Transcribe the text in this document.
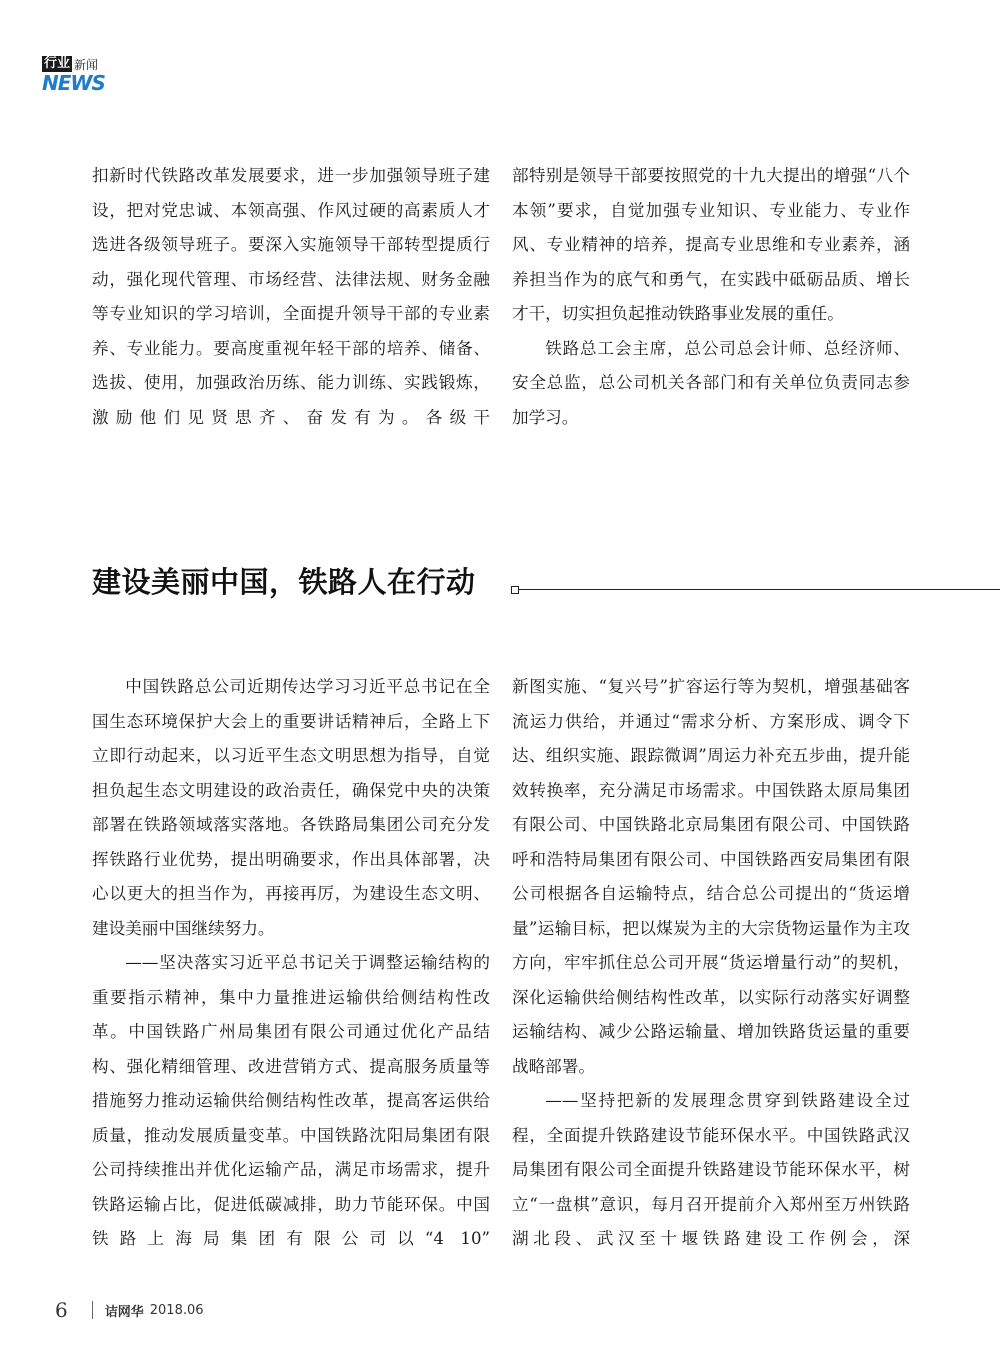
行业 新闻
NEWS

扣新时代铁路改革发展要求，进一步加强领导班子建设，把对党忠诚、本领高强、作风过硬的高素质人才选进各级领导班子。要深入实施领导干部转型提质行动，强化现代管理、市场经营、法律法规、财务金融等专业知识的学习培训，全面提升领导干部的专业素养、专业能力。要高度重视年轻干部的培养、储备、选拔、使用，加强政治历练、能力训练、实践锻炼，激励他们见贤思齐、奋发有为。各级干

部特别是领导干部要按照党的十九大提出的增强“八个本领”要求，自觉加强专业知识、专业能力、专业作风、专业精神的培养，提高专业思维和专业素养，涵养担当作为的底气和勇气，在实践中砥砺品质、增长才干，切实担负起推动铁路事业发展的重任。

铁路总工会主席，总公司总会计师、总经济师、安全总监，总公司机关各部门和有关单位负责同志参加学习。

建设美丽中国，铁路人在行动

中国铁路总公司近期传达学习习近平总书记在全国生态环境保护大会上的重要讲话精神后，全路上下立即行动起来，以习近平生态文明思想为指导，自觉担负起生态文明建设的政治责任，确保党中央的决策部署在铁路领域落实落地。各铁路局集团公司充分发挥铁路行业优势，提出明确要求，作出具体部署，决心以更大的担当作为，再接再厉，为建设生态文明、建设美丽中国继续努力。

——坚决落实习近平总书记关于调整运输结构的重要指示精神，集中力量推进运输供给侧结构性改革。中国铁路广州局集团有限公司通过优化产品结构、强化精细管理、改进营销方式、提高服务质量等措施努力推动运输供给侧结构性改革，提高客运供给质量，推动发展质量变革。中国铁路沈阳局集团有限公司持续推出并优化运输产品，满足市场需求，提升铁路运输占比，促进低碳减排，助力节能环保。中国铁路上海局集团有限公司以“4 10”

新图实施、“复兴号”扩容运行等为契机，增强基础客流运力供给，并通过“需求分析、方案形成、调令下达、组织实施、跟踪微调”周运力补充五步曲，提升能效转换率，充分满足市场需求。中国铁路太原局集团有限公司、中国铁路北京局集团有限公司、中国铁路呼和浩特局集团有限公司、中国铁路西安局集团有限公司根据各自运输特点，结合总公司提出的“货运增量”运输目标，把以煤炭为主的大宗货物运量作为主攻方向，牢牢抓住总公司开展“货运增量行动”的契机，深化运输供给侧结构性改革，以实际行动落实好调整运输结构、减少公路运输量、增加铁路货运量的重要战略部署。

——坚持把新的发展理念贯穿到铁路建设全过程，全面提升铁路建设节能环保水平。中国铁路武汉局集团有限公司全面提升铁路建设节能环保水平，树立“一盘棋”意识，每月召开提前介入郑州至万州铁路湖北段、武汉至十堰铁路建设工作例会，深

6	诘网华 2018.06
